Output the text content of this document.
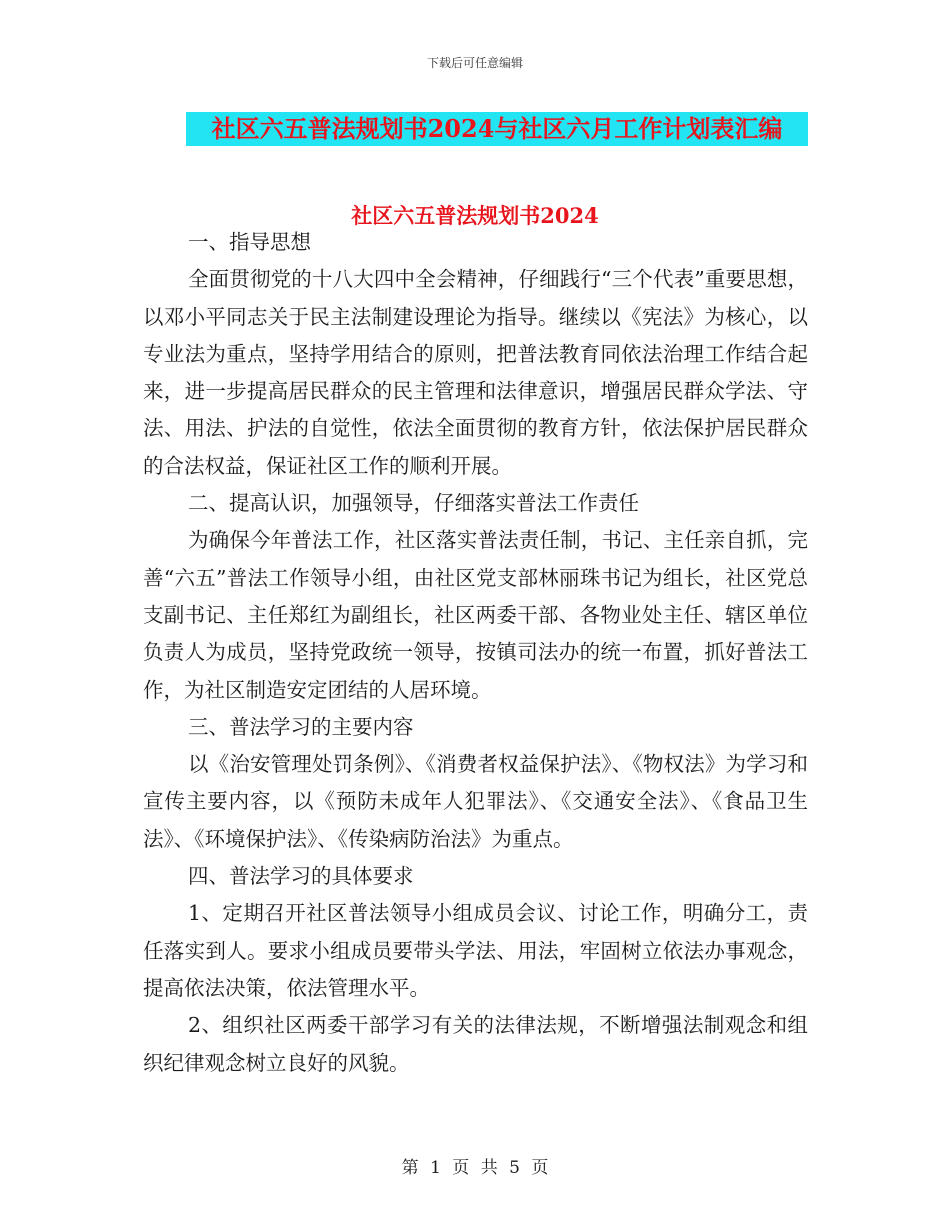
下载后可任意编辑
社区六五普法规划书2024与社区六月工作计划表汇编
社区六五普法规划书2024

一、指导思想

全面贯彻党的十八大四中全会精神，仔细践行“三个代表”重要思想，以邓小平同志关于民主法制建设理论为指导。继续以《宪法》为核心，以专业法为重点，坚持学用结合的原则，把普法教育同依法治理工作结合起来，进一步提高居民群众的民主管理和法律意识，增强居民群众学法、守法、用法、护法的自觉性，依法全面贯彻的教育方针，依法保护居民群众的合法权益，保证社区工作的顺利开展。

二、提高认识，加强领导，仔细落实普法工作责任

为确保今年普法工作，社区落实普法责任制，书记、主任亲自抓，完善“六五”普法工作领导小组，由社区党支部林丽珠书记为组长，社区党总支副书记、主任郑红为副组长，社区两委干部、各物业处主任、辖区单位负责人为成员，坚持党政统一领导，按镇司法办的统一布置，抓好普法工作，为社区制造安定团结的人居环境。

三、普法学习的主要内容

以《治安管理处罚条例》、《消费者权益保护法》、《物权法》为学习和宣传主要内容，以《预防未成年人犯罪法》、《交通安全法》、《食品卫生法》、《环境保护法》、《传染病防治法》为重点。

四、普法学习的具体要求

1、定期召开社区普法领导小组成员会议、讨论工作，明确分工，责任落实到人。要求小组成员要带头学法、用法，牢固树立依法办事观念，提高依法决策，依法管理水平。

2、组织社区两委干部学习有关的法律法规，不断增强法制观念和组织纪律观念树立良好的风貌。

第 1 页 共 5 页
